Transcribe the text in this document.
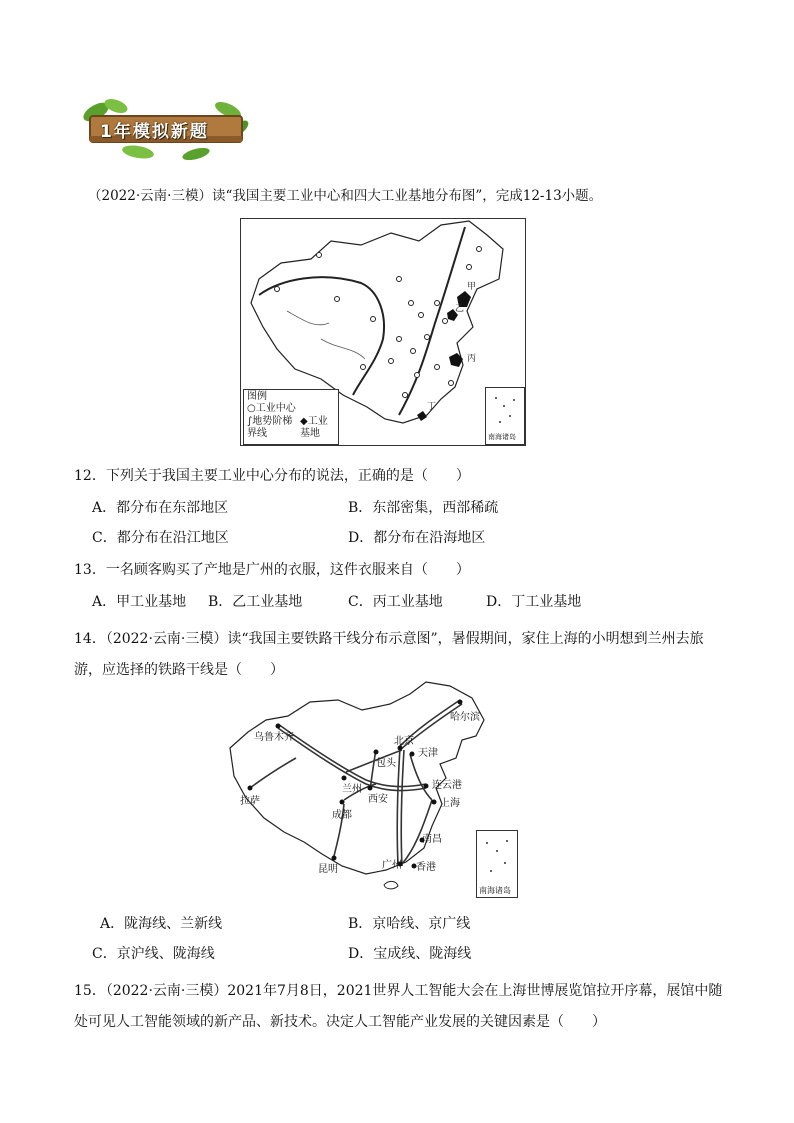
1年模拟新题
（2022·云南·三模）读“我国主要工业中心和四大工业基地分布图”，完成12-13小题。
甲
乙
丙
丁
图例
○工业中心
∫地势阶梯界线
◆工业基地	南海诸岛
12．下列关于我国主要工业中心分布的说法，正确的是（　　）
A．都分布在东部地区	B．东部密集，西部稀疏
C．都分布在沿江地区	D．都分布在沿海地区
13．一名顾客购买了产地是广州的衣服，这件衣服来自（　　）
A．甲工业基地 B．乙工业基地	C．丙工业基地	D．丁工业基地
14．（2022·云南·三模）读“我国主要铁路干线分布示意图”，暑假期间，家住上海的小明想到兰州去旅游，应选择的铁路干线是（　　）
乌鲁木齐
哈尔滨
北京
天津
包头
兰州
西安
连云港
上海
成都
拉萨
南昌
广州 香港
昆明
南海诸岛
A．陇海线、兰新线	B．京哈线、京广线
C．京沪线、陇海线	D．宝成线、陇海线
15．（2022·云南·三模）2021年7月8日，2021世界人工智能大会在上海世博展览馆拉开序幕，展馆中随处可见人工智能领域的新产品、新技术。决定人工智能产业发展的关键因素是（　　）
